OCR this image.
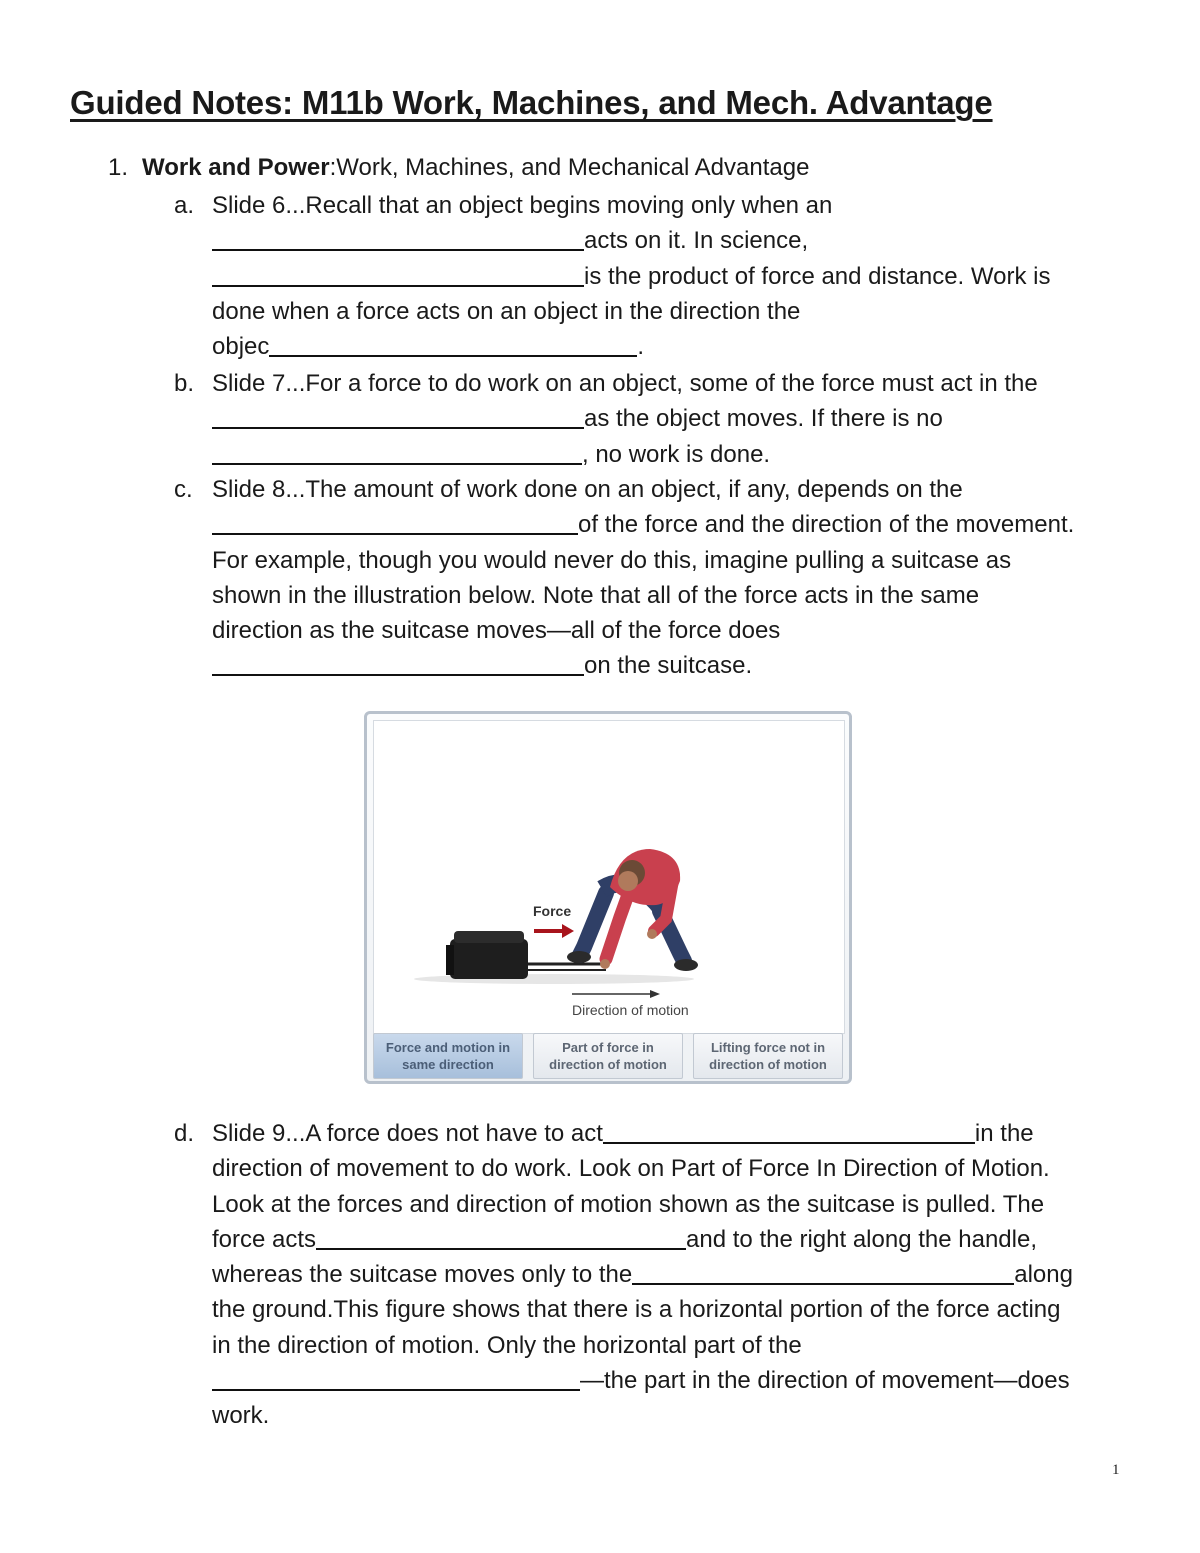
Guided Notes: M11b Work, Machines, and Mech. Advantage
1. Work and Power:Work, Machines, and Mechanical Advantage
a. Slide 6...Recall that an object begins moving only when an
acts on it. In science,
is the product of force and distance. Work is
done when a force acts on an object in the direction the
objec	.
b. Slide 7...For a force to do work on an object, some of the force must act in the
as the object moves. If there is no
, no work is done.
c. Slide 8...The amount of work done on an object, if any, depends on the
of the force and the direction of the movement.
For example, though you would never do this, imagine pulling a suitcase as
shown in the illustration below. Note that all of the force acts in the same
direction as the suitcase moves—all of the force does
on the suitcase.
Force
Direction of motion
Force and motion in
same direction
Part of force in
direction of motion
Lifting force not in
direction of motion
d. Slide 9...A force does not have to act	in the
direction of movement to do work. Look on Part of Force In Direction of Motion.
Look at the forces and direction of motion shown as the suitcase is pulled. The
force acts	and to the right along the handle,
whereas the suitcase moves only to the	along
the ground.This figure shows that there is a horizontal portion of the force acting
in the direction of motion. Only the horizontal part of the
—the part in the direction of movement—does
work.
1
